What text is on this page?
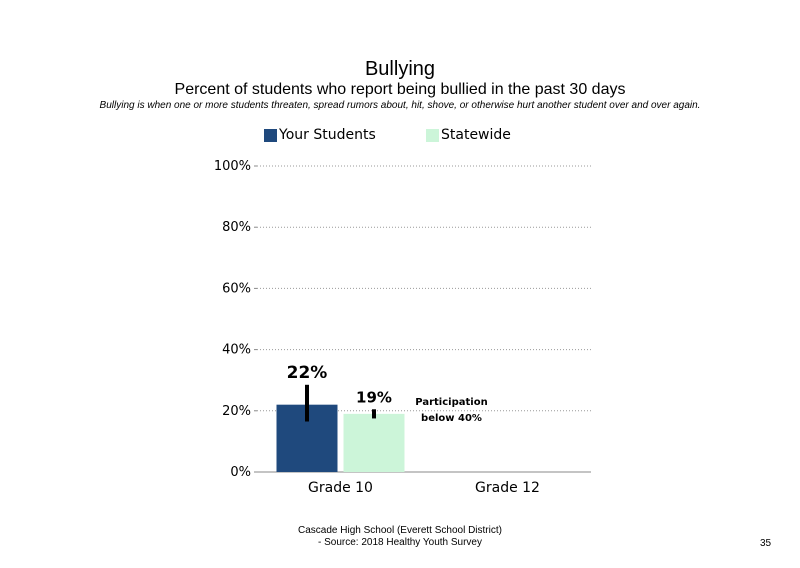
Bullying
Percent of students who report being bullied in the past 30 days
Bullying is when one or more students threaten, spread rumors about, hit, shove, or otherwise hurt another student over and over again.
Your Students	Statewide
0%
20%
40%
60%
80%
100%
Grade 10
22%
19%
Grade 12
Participation
below 40%
Cascade High School (Everett School District)
- Source: 2018 Healthy Youth Survey	35
